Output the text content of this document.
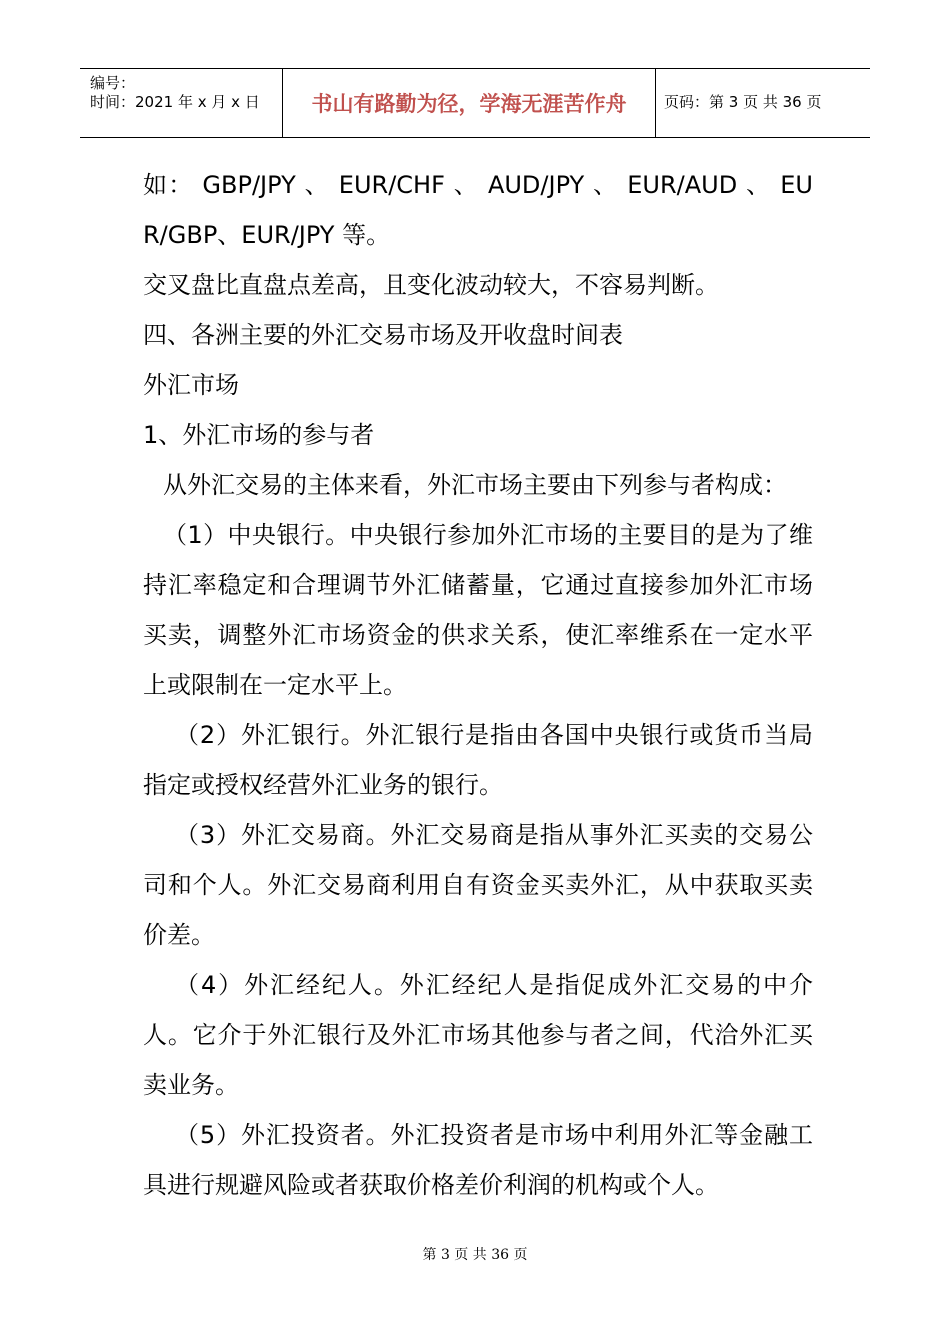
编号：
时间：2021 年 x 月 x 日	书山有路勤为径，学海无涯苦作舟	页码：第 3 页 共 36 页

如： GBP/JPY 、 EUR/CHF 、 AUD/JPY 、 EUR/AUD 、 EUR/GBP、EUR/JPY 等。

交叉盘比直盘点差高，且变化波动较大，不容易判断。

四、各洲主要的外汇交易市场及开收盘时间表

外汇市场

1、外汇市场的参与者

从外汇交易的主体来看，外汇市场主要由下列参与者构成：

（1）中央银行。中央银行参加外汇市场的主要目的是为了维持汇率稳定和合理调节外汇储蓄量，它通过直接参加外汇市场买卖，调整外汇市场资金的供求关系，使汇率维系在一定水平上或限制在一定水平上。

（2）外汇银行。外汇银行是指由各国中央银行或货币当局指定或授权经营外汇业务的银行。

（3）外汇交易商。外汇交易商是指从事外汇买卖的交易公司和个人。外汇交易商利用自有资金买卖外汇，从中获取买卖价差。

（4）外汇经纪人。外汇经纪人是指促成外汇交易的中介人。它介于外汇银行及外汇市场其他参与者之间，代洽外汇买卖业务。

（5）外汇投资者。外汇投资者是市场中利用外汇等金融工具进行规避风险或者获取价格差价利润的机构或个人。

第 3 页 共 36 页
